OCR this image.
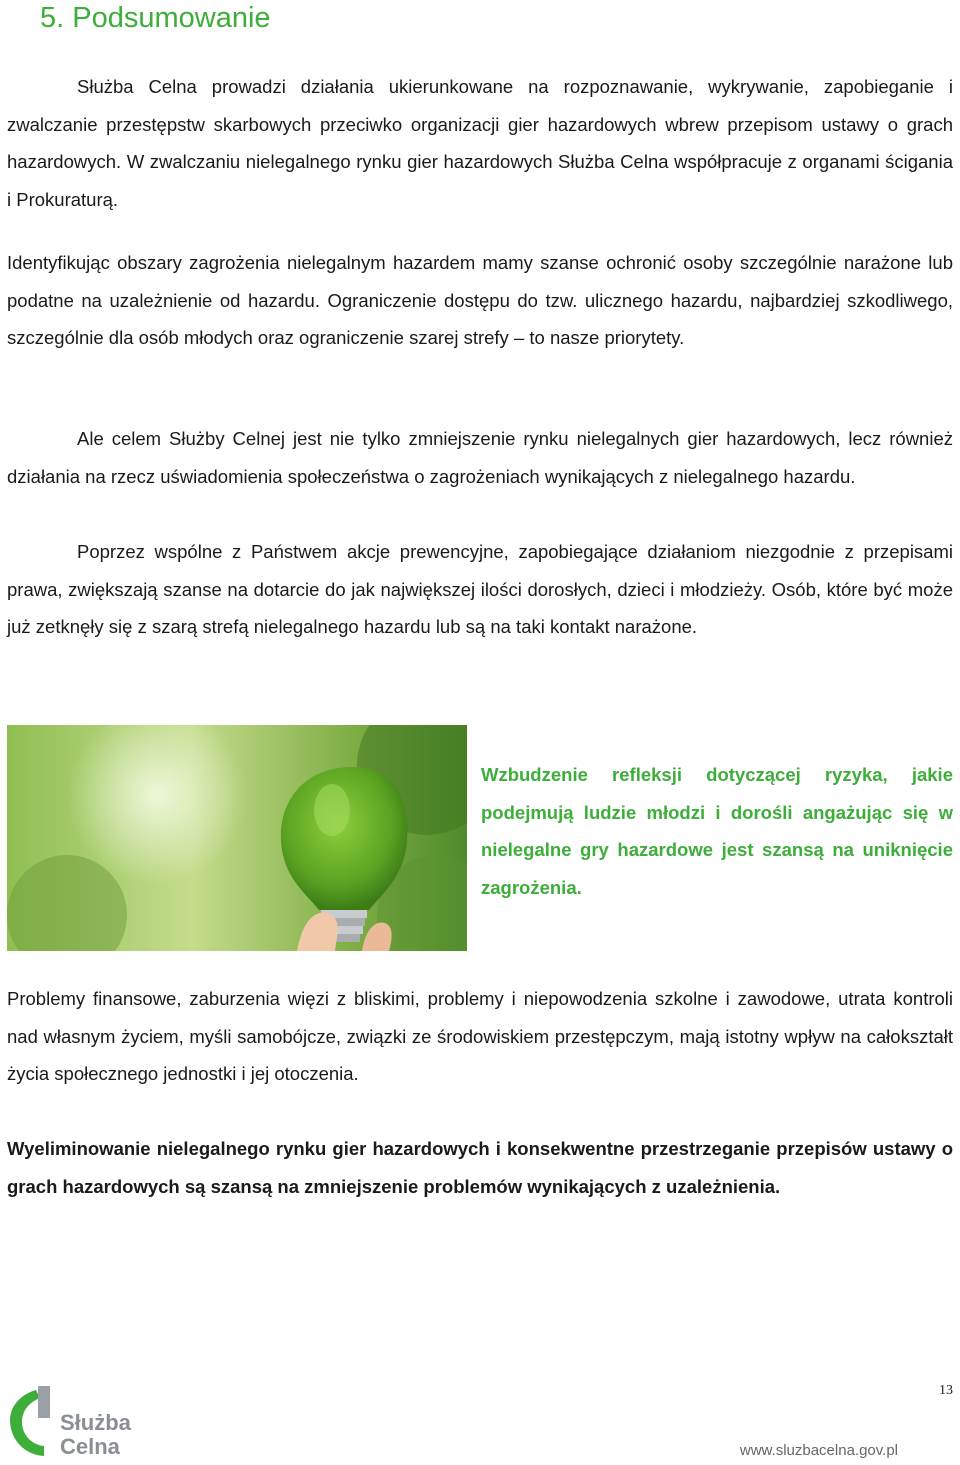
5. Podsumowanie

Służba Celna prowadzi działania ukierunkowane na rozpoznawanie, wykrywanie, zapobieganie i zwalczanie przestępstw skarbowych przeciwko organizacji gier hazardowych wbrew przepisom ustawy o grach hazardowych. W zwalczaniu nielegalnego rynku gier hazardowych Służba Celna współpracuje z organami ścigania i Prokuraturą.

Identyfikując obszary zagrożenia nielegalnym hazardem mamy szanse ochronić osoby szczególnie narażone lub podatne na uzależnienie od hazardu. Ograniczenie dostępu do tzw. ulicznego hazardu, najbardziej szkodliwego, szczególnie dla osób młodych oraz ograniczenie szarej strefy – to nasze priorytety.

Ale celem Służby Celnej jest nie tylko zmniejszenie rynku nielegalnych gier hazardowych, lecz również działania na rzecz uświadomienia społeczeństwa o zagrożeniach wynikających z nielegalnego hazardu.

Poprzez wspólne z Państwem akcje prewencyjne, zapobiegające działaniom niezgodnie z przepisami prawa, zwiększają szanse na dotarcie do jak największej ilości dorosłych, dzieci i młodzieży. Osób, które być może już zetknęły się z szarą strefą nielegalnego hazardu lub są na taki kontakt narażone.

Wzbudzenie refleksji dotyczącej ryzyka, jakie podejmują ludzie młodzi i dorośli angażując się w nielegalne gry hazardowe jest szansą na uniknięcie zagrożenia.

Problemy finansowe, zaburzenia więzi z bliskimi, problemy i niepowodzenia szkolne i zawodowe, utrata kontroli nad własnym życiem, myśli samobójcze, związki ze środowiskiem przestępczym, mają istotny wpływ na całokształt życia społecznego jednostki i jej otoczenia.

Wyeliminowanie nielegalnego rynku gier hazardowych i konsekwentne przestrzeganie przepisów ustawy o grach hazardowych są szansą na zmniejszenie problemów wynikających z uzależnienia.

Służba
Celna
13
www.sluzbacelna.gov.pl
